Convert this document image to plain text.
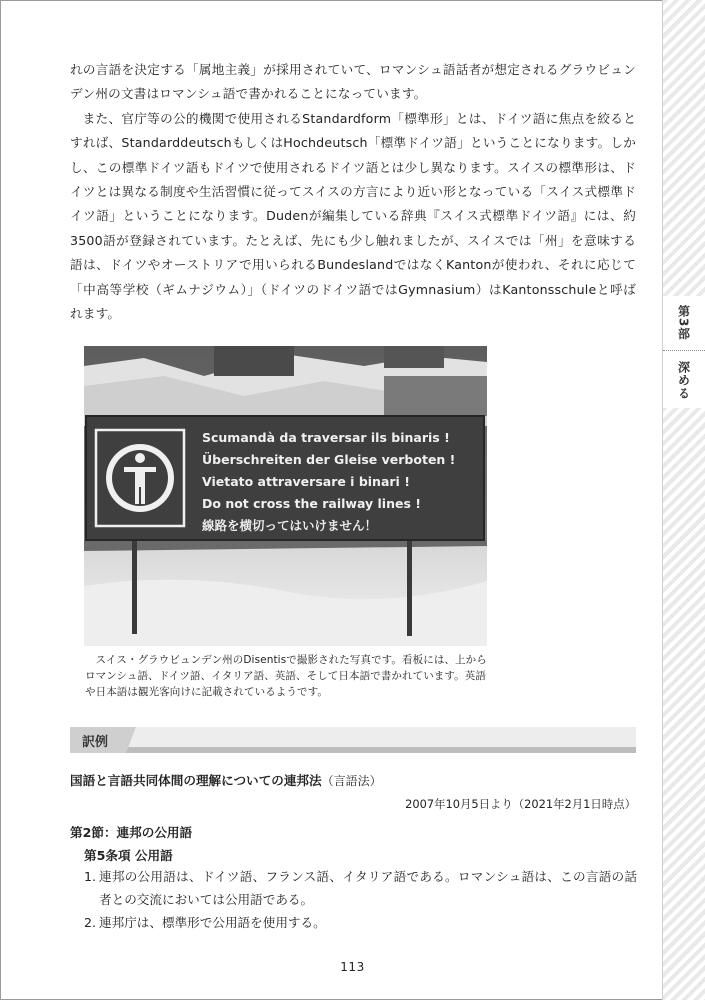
第3部
深める

れの言語を決定する「属地主義」が採用されていて、ロマンシュ語話者が想定されるグラウビュンデン州の文書はロマンシュ語で書かれることになっています。

また、官庁等の公的機関で使用されるStandardform「標準形」とは、ドイツ語に焦点を絞るとすれば、StandarddeutschもしくはHochdeutsch「標準ドイツ語」ということになります。しかし、この標準ドイツ語もドイツで使用されるドイツ語とは少し異なります。スイスの標準形は、ドイツとは異なる制度や生活習慣に従ってスイスの方言により近い形となっている「スイス式標準ドイツ語」ということになります。Dudenが編集している辞典『スイス式標準ドイツ語』には、約3500語が登録されています。たとえば、先にも少し触れましたが、スイスでは「州」を意味する語は、ドイツやオーストリアで用いられるBundeslandではなくKantonが使われ、それに応じて「中高等学校（ギムナジウム）」（ドイツのドイツ語ではGymnasium）はKantonsschuleと呼ばれます。

Scumandà da traversar ils binaris !
Überschreiten der Gleise verboten !
Vietato attraversare i binari !
Do not cross the railway lines !
線路を横切ってはいけません！
スイス・グラウビュンデン州のDisentisで撮影された写真です。看板には、上からロマンシュ語、ドイツ語、イタリア語、英語、そして日本語で書かれています。英語や日本語は観光客向けに記載されているようです。
訳例
国語と言語共同体間の理解についての連邦法（言語法）
2007年10月5日より（2021年2月1日時点）
第2節：連邦の公用語
第5条項 公用語
1. 連邦の公用語は、ドイツ語、フランス語、イタリア語である。ロマンシュ語は、この言語の話者との交流においては公用語である。
2. 連邦庁は、標準形で公用語を使用する。
113
